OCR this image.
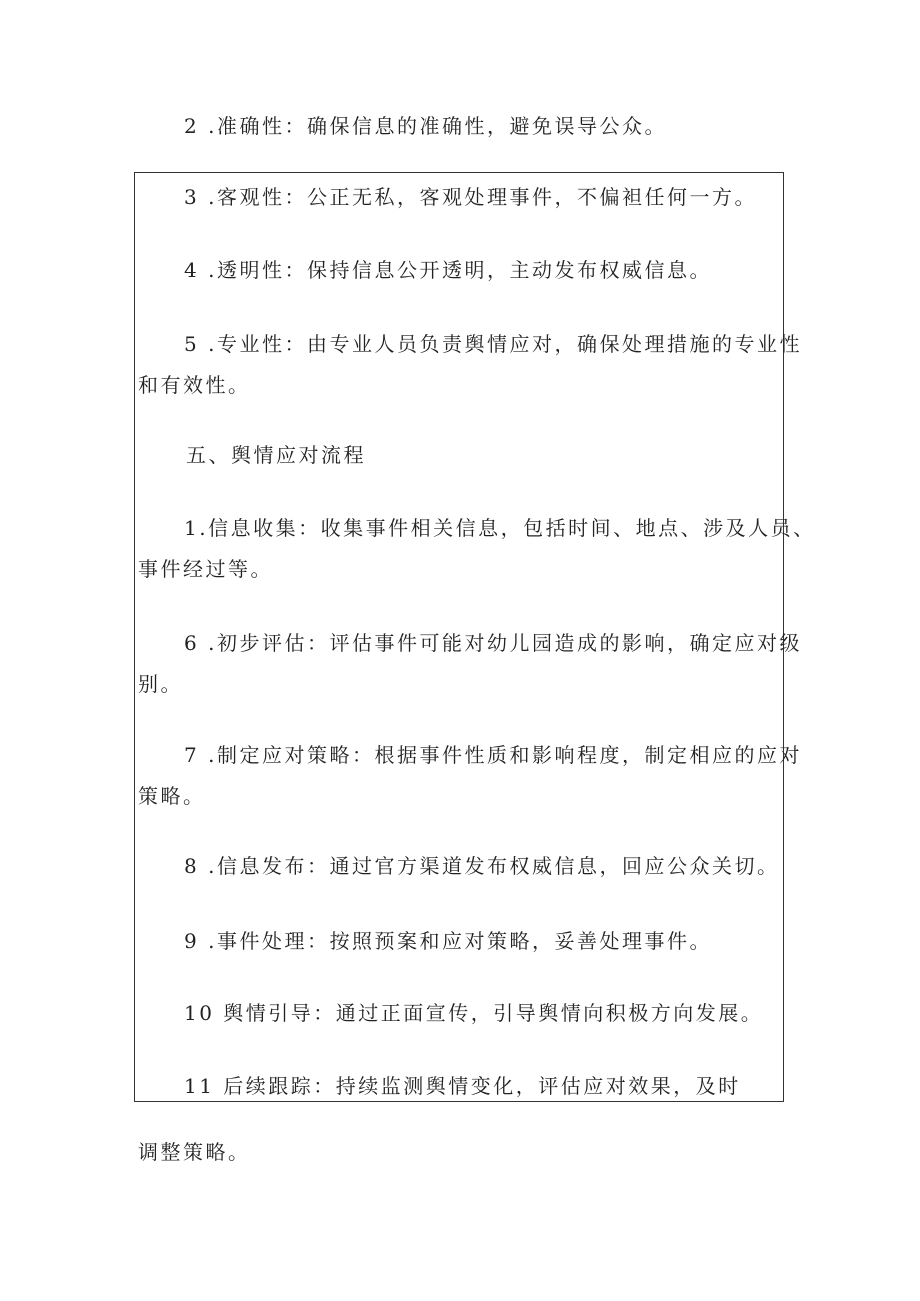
2 .准确性：确保信息的准确性，避免误导公众。
3 .客观性：公正无私，客观处理事件，不偏袒任何一方。
4 .透明性：保持信息公开透明，主动发布权威信息。
5 .专业性：由专业人员负责舆情应对，确保处理措施的专业性
和有效性。
五、舆情应对流程
1.信息收集：收集事件相关信息，包括时间、地点、涉及人员、
事件经过等。
6 .初步评估：评估事件可能对幼儿园造成的影响，确定应对级
别。
7 .制定应对策略：根据事件性质和影响程度，制定相应的应对
策略。
8 .信息发布：通过官方渠道发布权威信息，回应公众关切。
9 .事件处理：按照预案和应对策略，妥善处理事件。
10 舆情引导：通过正面宣传，引导舆情向积极方向发展。
11 后续跟踪：持续监测舆情变化，评估应对效果，及时
调整策略。
